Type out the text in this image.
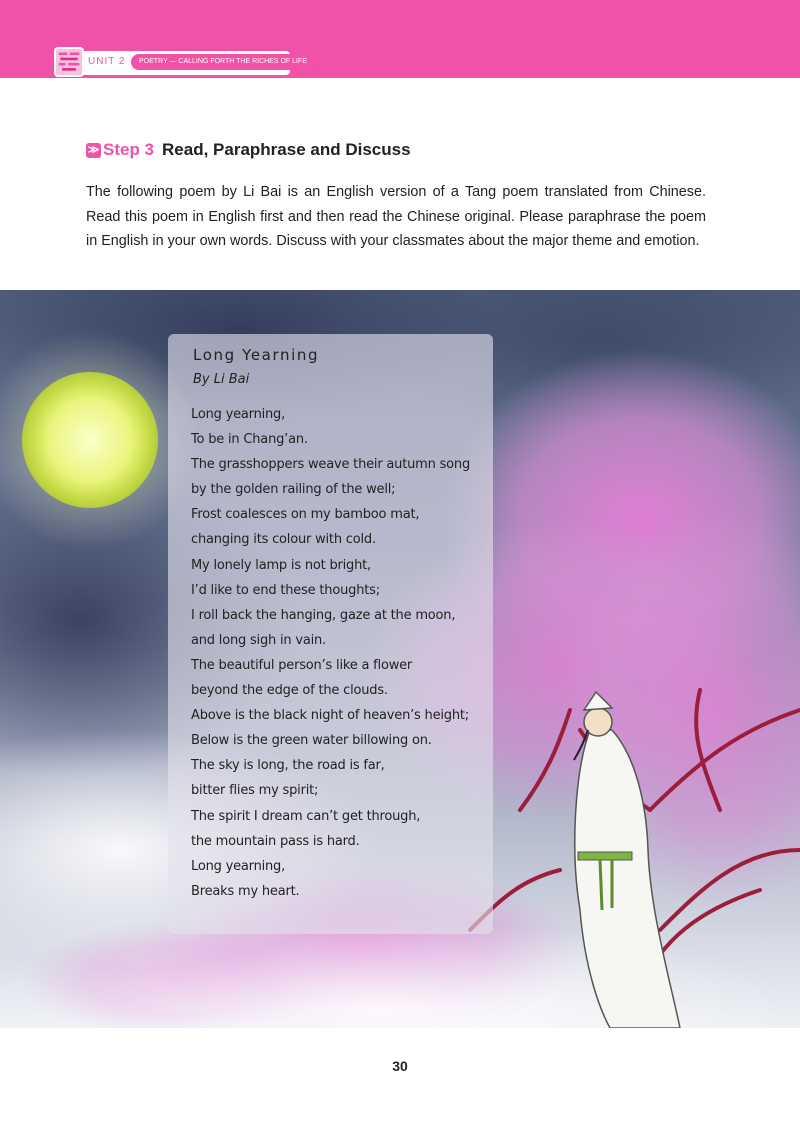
UNIT 2	POETRY — CALLING FORTH THE RICHES OF LIFE
≫ Step 3 Read, Paraphrase and Discuss

The following poem by Li Bai is an English version of a Tang poem translated from Chinese. Read this poem in English first and then read the Chinese original. Please paraphrase the poem in English in your own words. Discuss with your classmates about the major theme and emotion.

Long Yearning
By Li Bai
Long yearning,
To be in Chang’an.
The grasshoppers weave their autumn song
by the golden railing of the well;
Frost coalesces on my bamboo mat,
changing its colour with cold.
My lonely lamp is not bright,
I’d like to end these thoughts;
I roll back the hanging, gaze at the moon,
and long sigh in vain.
The beautiful person’s like a flower
beyond the edge of the clouds.
Above is the black night of heaven’s height;
Below is the green water billowing on.
The sky is long, the road is far,
bitter flies my spirit;
The spirit I dream can’t get through,
the mountain pass is hard.
Long yearning,
Breaks my heart.
30
